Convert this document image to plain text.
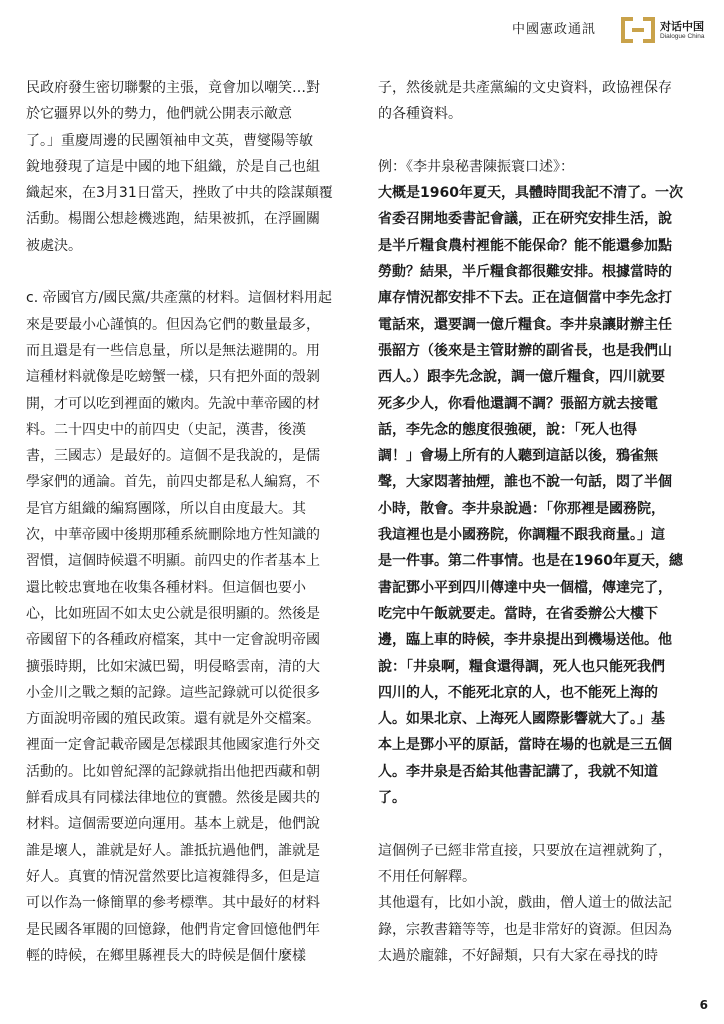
中國憲政通訊	对话中国
Dialogue China
民政府發生密切聯繫的主張，竟會加以嘲笑…對
於它疆界以外的勢力，他們就公開表示敵意
了。」重慶周邊的民團領袖申文英，曹燮陽等敏
銳地發現了這是中國的地下組織，於是自己也組
織起來，在3月31日當天，挫敗了中共的陰謀顛覆
活動。楊闇公想趁機逃跑，結果被抓，在浮圖關
被處決。
c. 帝國官方/國民黨/共產黨的材料。這個材料用起
來是要最小心謹慎的。但因為它們的數量最多，
而且還是有一些信息量，所以是無法避開的。用
這種材料就像是吃螃蟹一樣，只有把外面的殼剝
開，才可以吃到裡面的嫩肉。先說中華帝國的材
料。二十四史中的前四史（史記，漢書，後漢
書，三國志）是最好的。這個不是我說的，是儒
學家們的通論。首先，前四史都是私人編寫，不
是官方組織的編寫團隊，所以自由度最大。其
次，中華帝國中後期那種系統刪除地方性知識的
習慣，這個時候還不明顯。前四史的作者基本上
還比較忠實地在收集各種材料。但這個也要小
心，比如班固不如太史公就是很明顯的。然後是
帝國留下的各種政府檔案，其中一定會說明帝國
擴張時期，比如宋滅巴蜀，明侵略雲南，清的大
小金川之戰之類的記錄。這些記錄就可以從很多
方面說明帝國的殖民政策。還有就是外交檔案。
裡面一定會記載帝國是怎樣跟其他國家進行外交
活動的。比如曾紀澤的記錄就指出他把西藏和朝
鮮看成具有同樣法律地位的實體。然後是國共的
材料。這個需要逆向運用。基本上就是，他們說
誰是壞人，誰就是好人。誰抵抗過他們，誰就是
好人。真實的情況當然要比這複雜得多，但是這
可以作為一條簡單的參考標準。其中最好的材料
是民國各軍閥的回憶錄，他們肯定會回憶他們年
輕的時候，在鄉里縣裡長大的時候是個什麼樣
子，然後就是共產黨編的文史資料，政協裡保存
的各種資料。
例：《李井泉秘書陳振寰口述》：
大概是1960年夏天，具體時間我記不清了。一次
省委召開地委書記會議，正在研究安排生活，說
是半斤糧食農村裡能不能保命？能不能還參加點
勞動？結果，半斤糧食都很難安排。根據當時的
庫存情況都安排不下去。正在這個當中李先念打
電話來，還要調一億斤糧食。李井泉讓財辦主任
張韶方（後來是主管財辦的副省長，也是我們山
西人。）跟李先念說，調一億斤糧食，四川就要
死多少人，你看他還調不調？張韶方就去接電
話，李先念的態度很強硬，說：「死人也得
調！」會場上所有的人聽到這話以後，鴉雀無
聲，大家悶著抽煙，誰也不說一句話，悶了半個
小時，散會。李井泉說過：「你那裡是國務院，
我這裡也是小國務院，你調糧不跟我商量。」這
是一件事。第二件事情。也是在1960年夏天，總
書記鄧小平到四川傳達中央一個檔，傳達完了，
吃完中午飯就要走。當時，在省委辦公大樓下
邊，臨上車的時候，李井泉提出到機場送他。他
說：「井泉啊，糧食還得調，死人也只能死我們
四川的人，不能死北京的人，也不能死上海的
人。如果北京、上海死人國際影響就大了。」基
本上是鄧小平的原話，當時在場的也就是三五個
人。李井泉是否給其他書記講了，我就不知道
了。
這個例子已經非常直接，只要放在這裡就夠了，
不用任何解釋。
其他還有，比如小說，戲曲，僧人道士的做法記
錄，宗教書籍等等，也是非常好的資源。但因為
太過於龐雜，不好歸類，只有大家在尋找的時
6
